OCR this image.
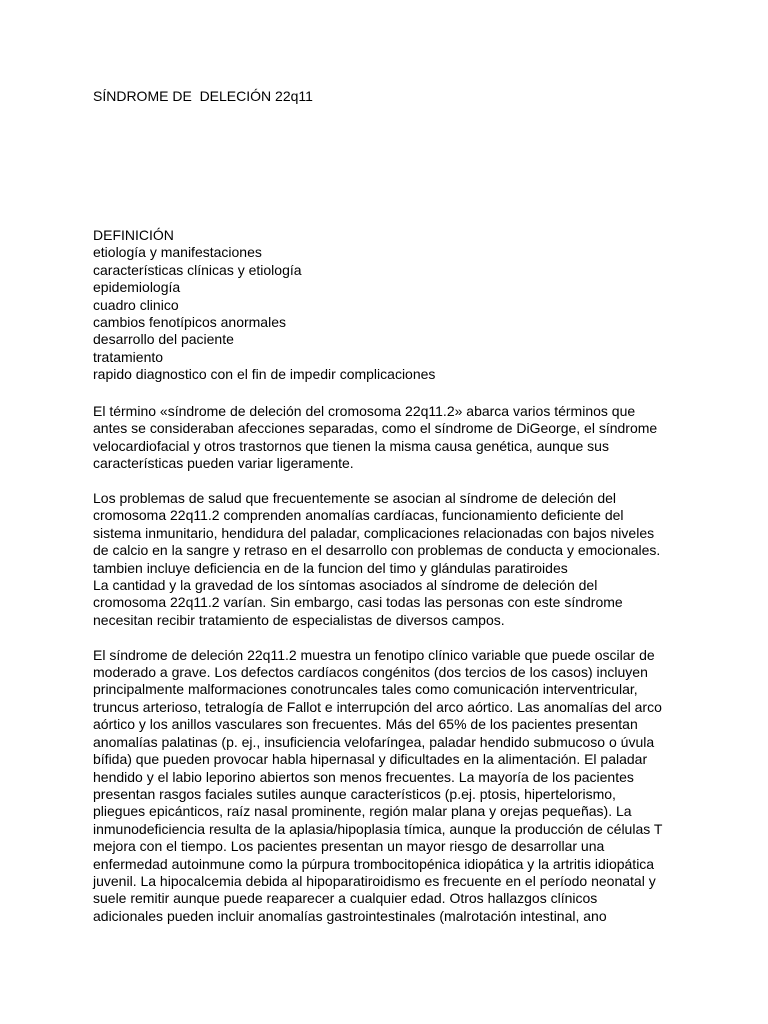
SÍNDROME DE  DELECIÓN 22q11
DEFINICIÓN
etiología y manifestaciones
características clínicas y etiología
epidemiología
cuadro clinico
cambios fenotípicos anormales
desarrollo del paciente
tratamiento
rapido diagnostico con el fin de impedir complicaciones

El término «síndrome de deleción del cromosoma 22q11.2» abarca varios términos que
antes se consideraban afecciones separadas, como el síndrome de DiGeorge, el síndrome
velocardiofacial y otros trastornos que tienen la misma causa genética, aunque sus
características pueden variar ligeramente.

Los problemas de salud que frecuentemente se asocian al síndrome de deleción del
cromosoma 22q11.2 comprenden anomalías cardíacas, funcionamiento deficiente del
sistema inmunitario, hendidura del paladar, complicaciones relacionadas con bajos niveles
de calcio en la sangre y retraso en el desarrollo con problemas de conducta y emocionales.
tambien incluye deficiencia en de la funcion del timo y glándulas paratiroides
La cantidad y la gravedad de los síntomas asociados al síndrome de deleción del
cromosoma 22q11.2 varían. Sin embargo, casi todas las personas con este síndrome
necesitan recibir tratamiento de especialistas de diversos campos.

El síndrome de deleción 22q11.2 muestra un fenotipo clínico variable que puede oscilar de
moderado a grave. Los defectos cardíacos congénitos (dos tercios de los casos) incluyen
principalmente malformaciones conotruncales tales como comunicación interventricular,
truncus arterioso, tetralogía de Fallot e interrupción del arco aórtico. Las anomalías del arco
aórtico y los anillos vasculares son frecuentes. Más del 65% de los pacientes presentan
anomalías palatinas (p. ej., insuficiencia velofaríngea, paladar hendido submucoso o úvula
bífida) que pueden provocar habla hipernasal y dificultades en la alimentación. El paladar
hendido y el labio leporino abiertos son menos frecuentes. La mayoría de los pacientes
presentan rasgos faciales sutiles aunque característicos (p.ej. ptosis, hipertelorismo,
pliegues epicánticos, raíz nasal prominente, región malar plana y orejas pequeñas). La
inmunodeficiencia resulta de la aplasia/hipoplasia tímica, aunque la producción de células T
mejora con el tiempo. Los pacientes presentan un mayor riesgo de desarrollar una
enfermedad autoinmune como la púrpura trombocitopénica idiopática y la artritis idiopática
juvenil. La hipocalcemia debida al hipoparatiroidismo es frecuente en el período neonatal y
suele remitir aunque puede reaparecer a cualquier edad. Otros hallazgos clínicos
adicionales pueden incluir anomalías gastrointestinales (malrotación intestinal, ano
